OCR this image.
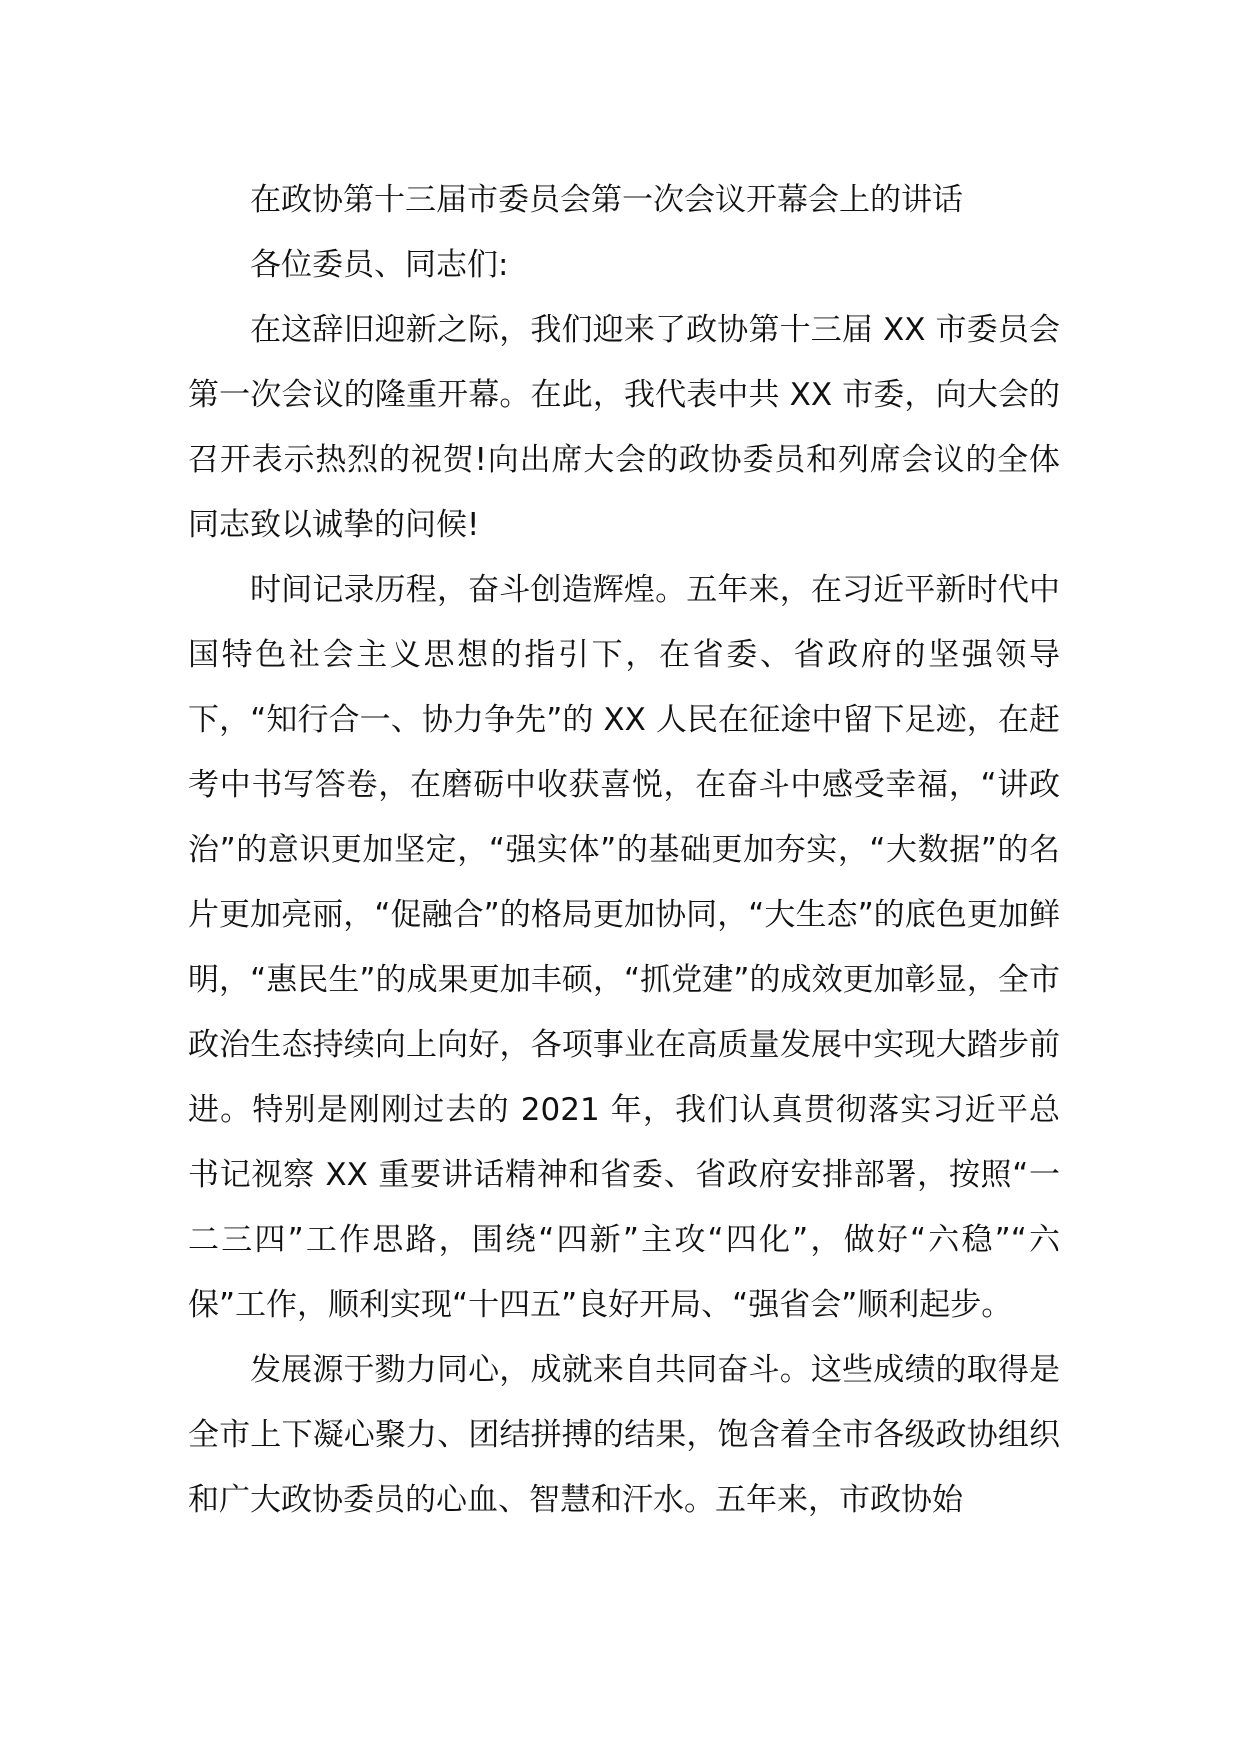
在政协第十三届市委员会第一次会议开幕会上的讲话

各位委员、同志们:

在这辞旧迎新之际，我们迎来了政协第十三届 XX 市委员会第一次会议的隆重开幕。在此，我代表中共 XX 市委，向大会的召开表示热烈的祝贺!向出席大会的政协委员和列席会议的全体同志致以诚挚的问候!

时间记录历程，奋斗创造辉煌。五年来，在习近平新时代中国特色社会主义思想的指引下，在省委、省政府的坚强领导下，“知行合一、协力争先”的 XX 人民在征途中留下足迹，在赶考中书写答卷，在磨砺中收获喜悦，在奋斗中感受幸福，“讲政治”的意识更加坚定，“强实体”的基础更加夯实，“大数据”的名片更加亮丽，“促融合”的格局更加协同，“大生态”的底色更加鲜明，“惠民生”的成果更加丰硕，“抓党建”的成效更加彰显，全市政治生态持续向上向好，各项事业在高质量发展中实现大踏步前进。特别是刚刚过去的 2021 年，我们认真贯彻落实习近平总书记视察 XX 重要讲话精神和省委、省政府安排部署，按照“一二三四”工作思路，围绕“四新”主攻“四化”，做好“六稳”“六保”工作，顺利实现“十四五”良好开局、“强省会”顺利起步。

发展源于勠力同心，成就来自共同奋斗。这些成绩的取得是全市上下凝心聚力、团结拼搏的结果，饱含着全市各级政协组织和广大政协委员的心血、智慧和汗水。五年来，市政协始
